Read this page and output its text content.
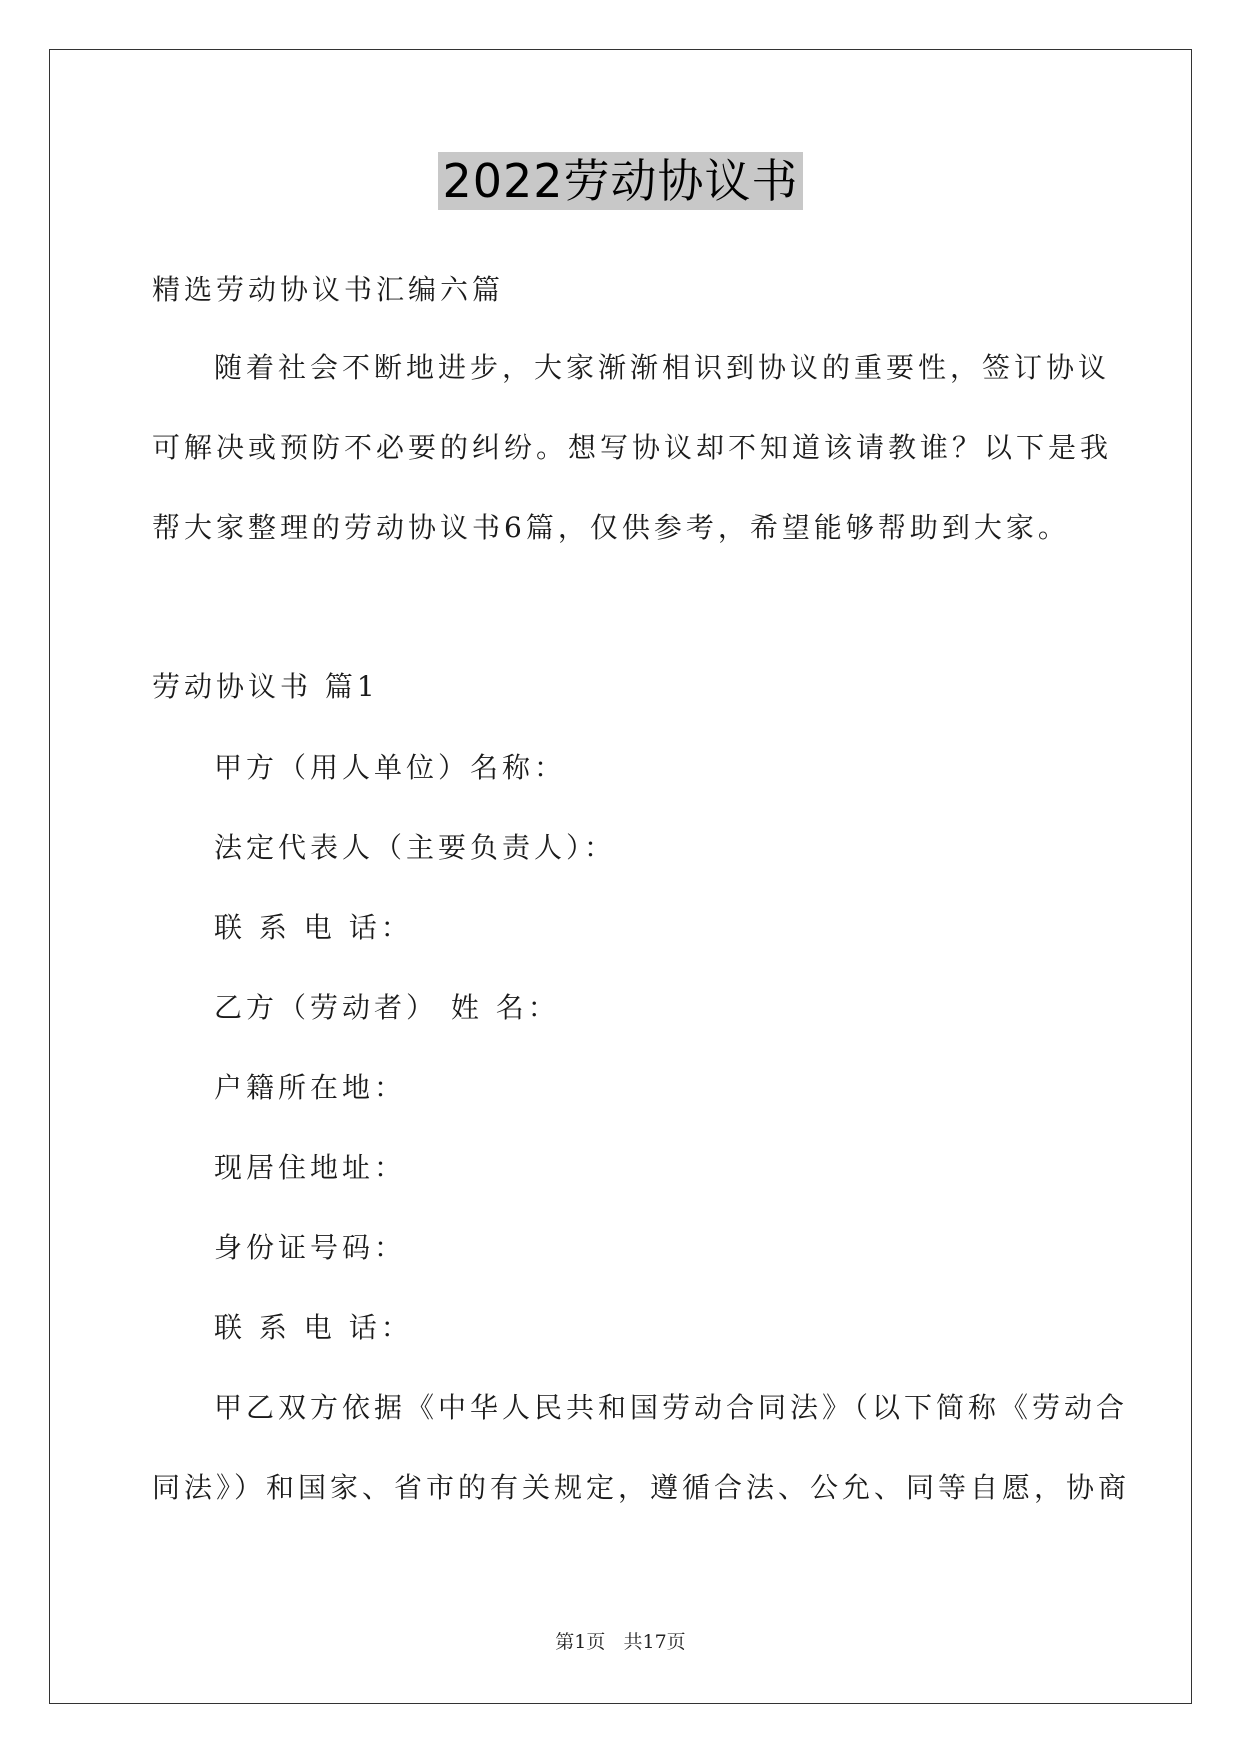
2022劳动协议书
精选劳动协议书汇编六篇
随着社会不断地进步，大家渐渐相识到协议的重要性，签订协议
可解决或预防不必要的纠纷。想写协议却不知道该请教谁？以下是我
帮大家整理的劳动协议书6篇，仅供参考，希望能够帮助到大家。
劳动协议书 篇1
甲方（用人单位）名称：
法定代表人（主要负责人）：
联 系 电 话：
乙方（劳动者） 姓 名：
户籍所在地：
现居住地址：
身份证号码：
联 系 电 话：
甲乙双方依据《中华人民共和国劳动合同法》（以下简称《劳动合
同法》）和国家、省市的有关规定，遵循合法、公允、同等自愿，协商
第1页   共17页
